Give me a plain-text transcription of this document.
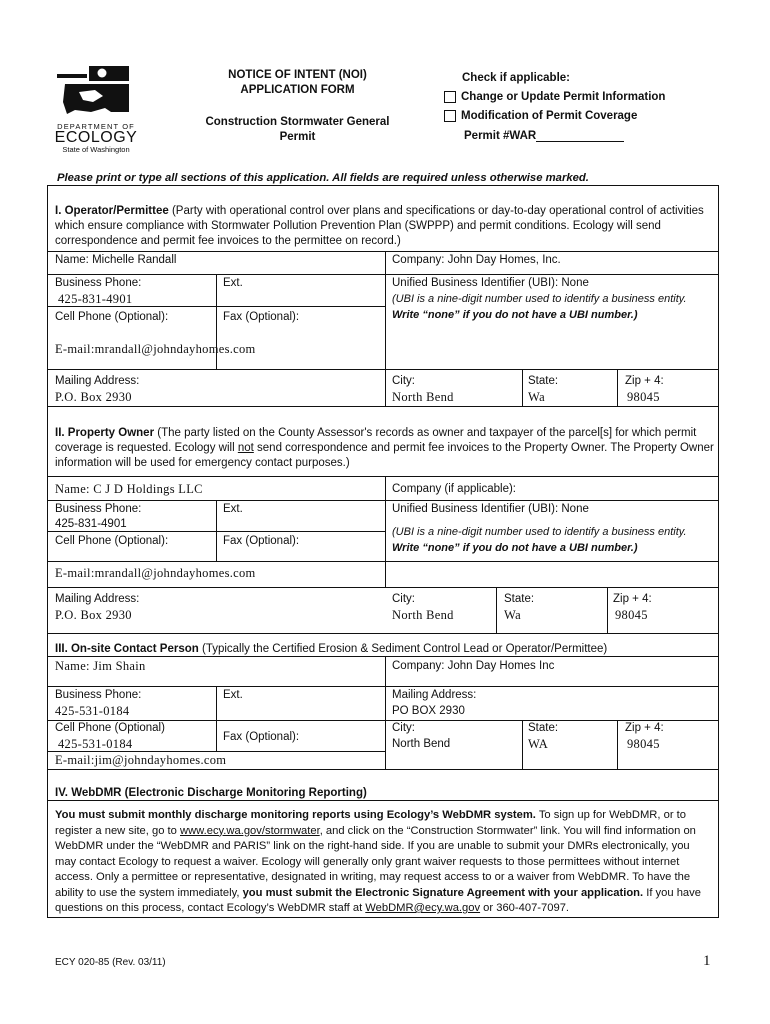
DEPARTMENT OF
ECOLOGY
State of Washington
NOTICE OF INTENT (NOI)
APPLICATION FORM
Construction Stormwater General
Permit
Check if applicable:
Change or Update Permit Information
Modification of Permit Coverage
Permit #WAR
Please print or type all sections of this application. All fields are required unless otherwise marked.
I. Operator/Permittee (Party with operational control over plans and specifications or day-to-day operational control of activities
which ensure compliance with Stormwater Pollution Prevention Plan (SWPPP) and permit conditions. Ecology will send
correspondence and permit fee invoices to the permittee on record.)
Name: Michelle Randall	Company: John Day Homes, Inc.
Business Phone:
425-831-4901
Ext.	Unified Business Identifier (UBI): None
(UBI is a nine-digit number used to identify a business entity.
Write “none” if you do not have a UBI number.)
Cell Phone (Optional):	Fax (Optional):
E-mail:mrandall@johndayhomes.com
Mailing Address:
P.O. Box 2930
City:
North Bend
State:
Wa
Zip + 4:
98045
II. Property Owner (The party listed on the County Assessor's records as owner and taxpayer of the parcel[s] for which permit
coverage is requested. Ecology will not send correspondence and permit fee invoices to the Property Owner. The Property Owner
information will be used for emergency contact purposes.)
Name: C J D Holdings LLC	Company (if applicable):
Business Phone:
425-831-4901
Ext.	Unified Business Identifier (UBI): None
(UBI is a nine-digit number used to identify a business entity.
Write “none” if you do not have a UBI number.)
Cell Phone (Optional):	Fax (Optional):
E-mail:mrandall@johndayhomes.com
Mailing Address:
P.O. Box 2930
City:
North Bend
State:
Wa
Zip + 4:
98045
III. On-site Contact Person (Typically the Certified Erosion & Sediment Control Lead or Operator/Permittee)
Name: Jim Shain	Company: John Day Homes Inc
Business Phone:
425-531-0184
Ext.	Mailing Address:
PO BOX 2930
Cell Phone (Optional)
425-531-0184	Fax (Optional):
City:
North Bend
State:
WA
Zip + 4:
98045
E-mail:jim@johndayhomes.com
IV. WebDMR (Electronic Discharge Monitoring Reporting)
You must submit monthly discharge monitoring reports using Ecology’s WebDMR system. To sign up for WebDMR, or to
register a new site, go to www.ecy.wa.gov/stormwater, and click on the “Construction Stormwater” link. You will find information on
WebDMR under the “WebDMR and PARIS” link on the right-hand side. If you are unable to submit your DMRs electronically, you
may contact Ecology to request a waiver. Ecology will generally only grant waiver requests to those permittees without internet
access. Only a permittee or representative, designated in writing, may request access to or a waiver from WebDMR. To have the
ability to use the system immediately, you must submit the Electronic Signature Agreement with your application. If you have
questions on this process, contact Ecology’s WebDMR staff at WebDMR@ecy.wa.gov or 360-407-7097.
ECY 020-85 (Rev. 03/11)	1
